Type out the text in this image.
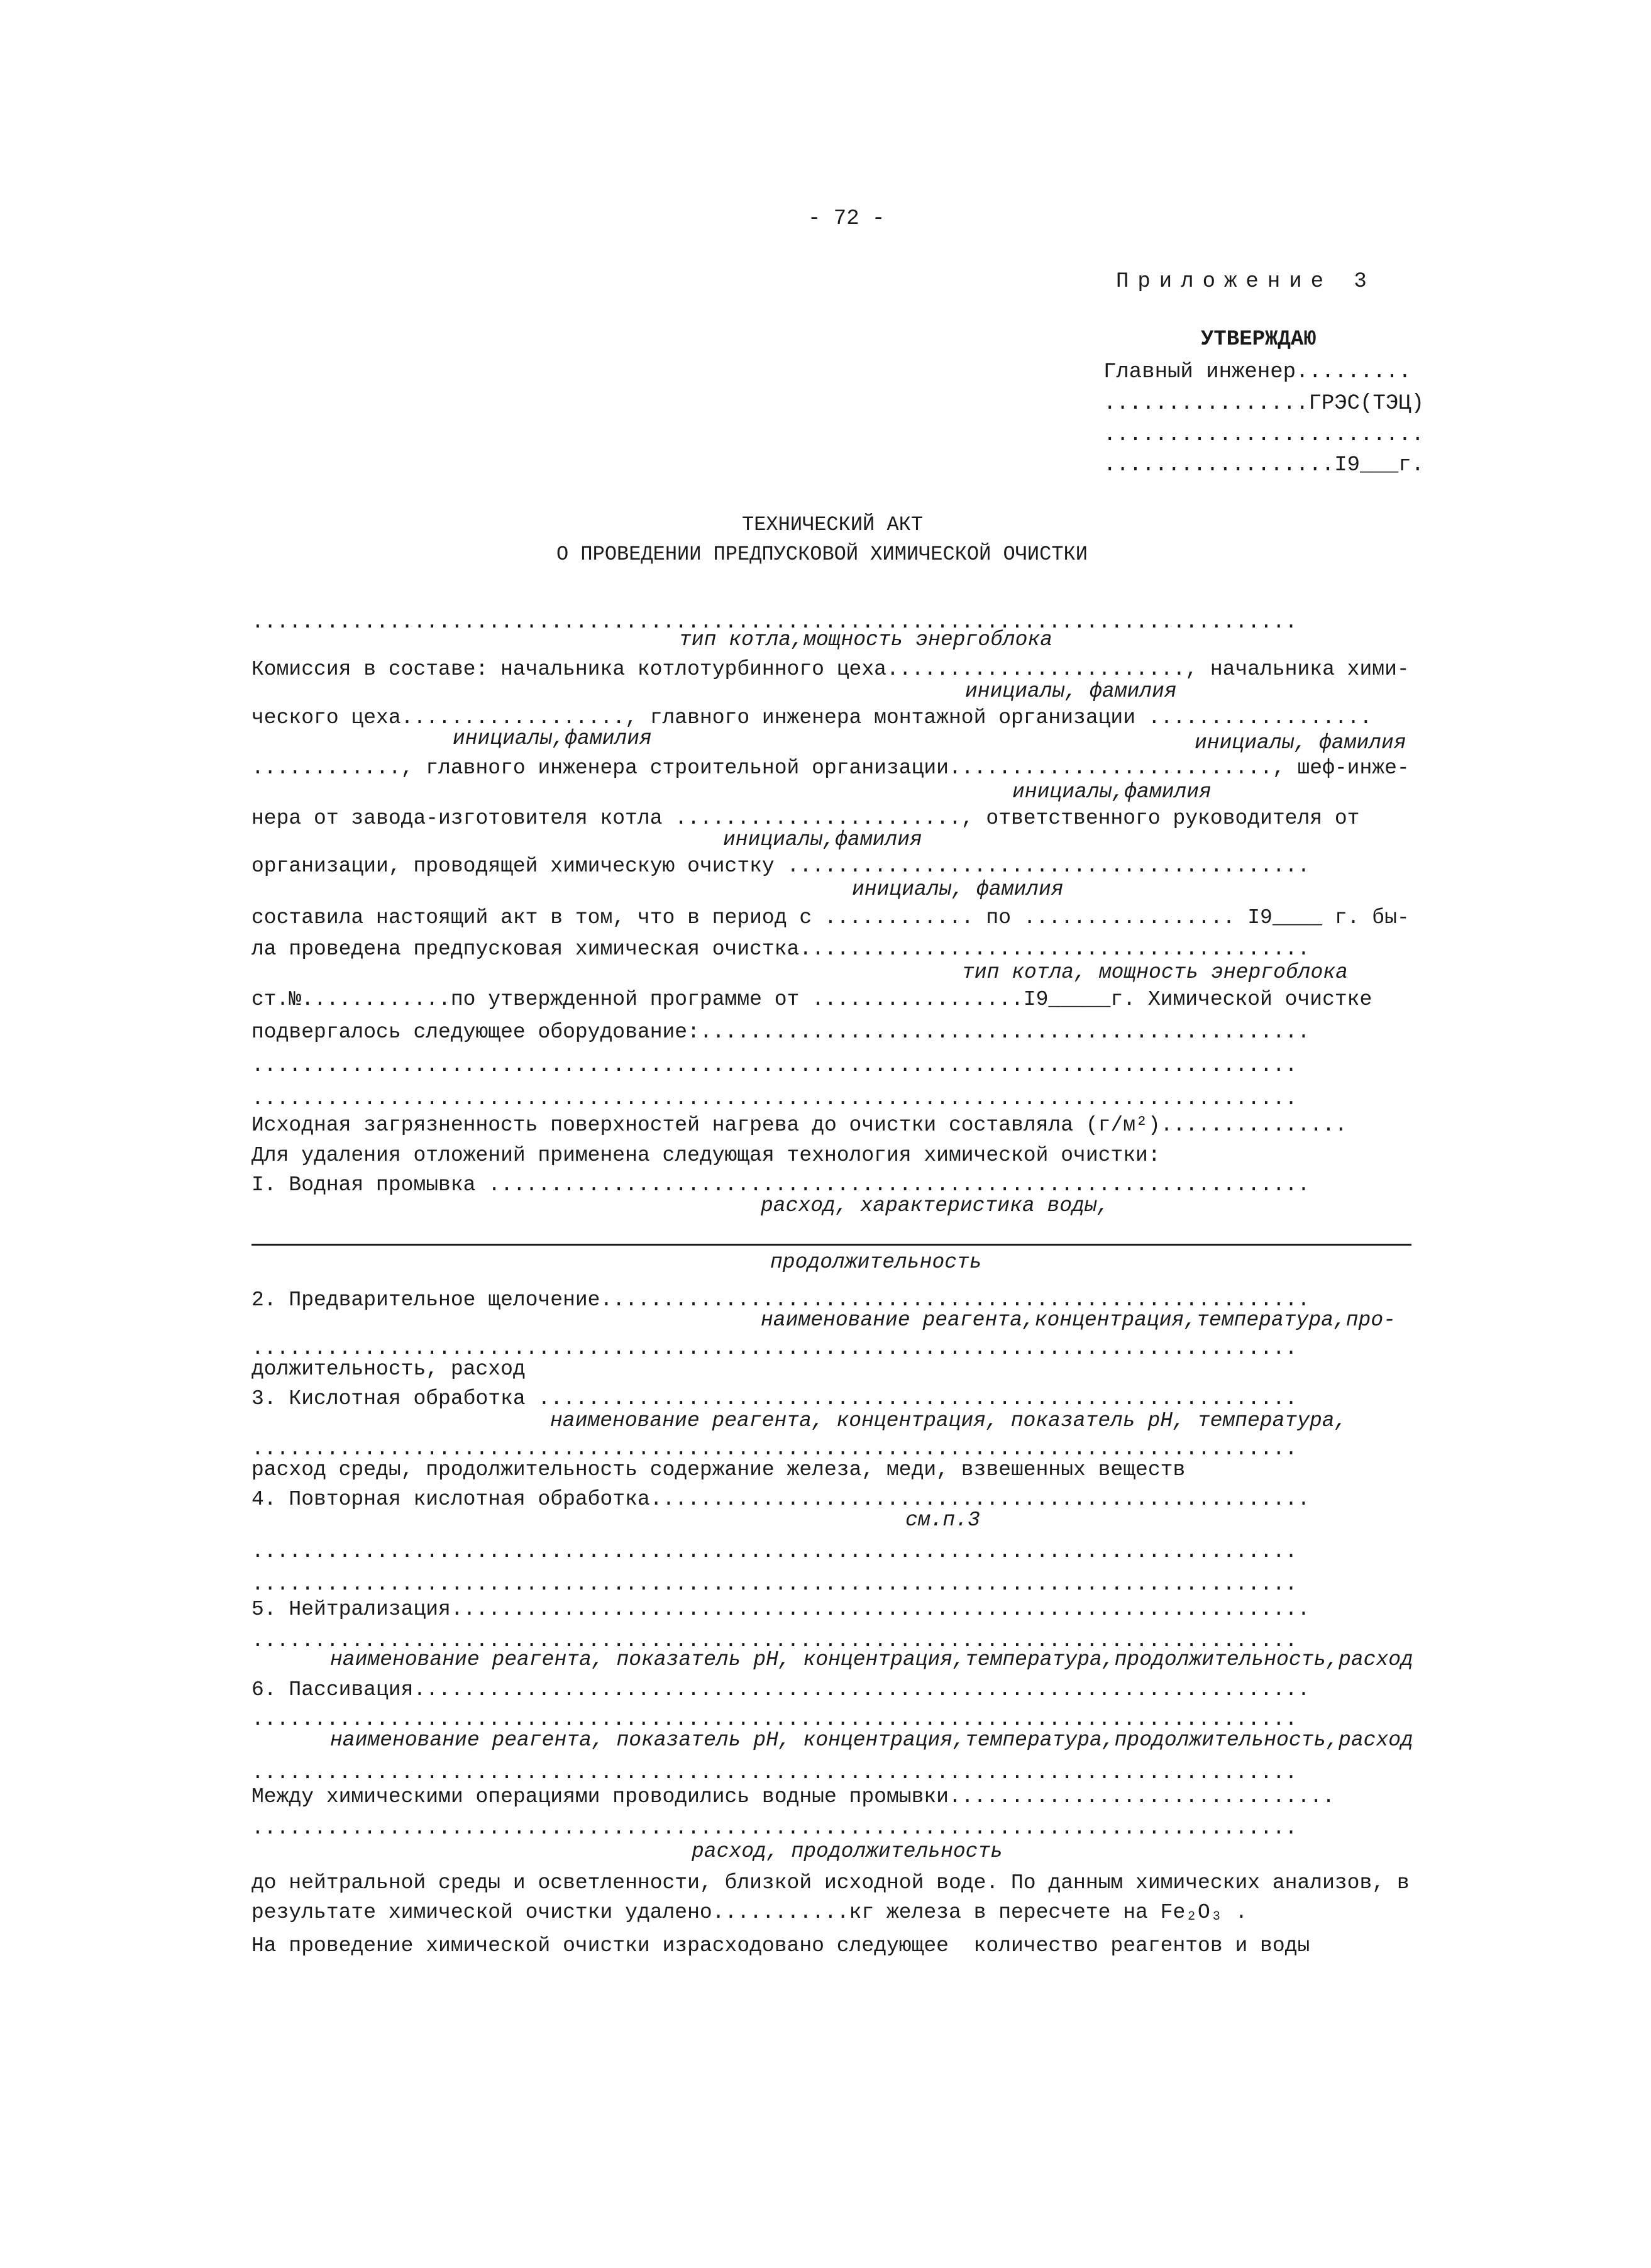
- 72 -
Приложение 3
УТВЕРЖДАЮ
Главный инженер.........
................ГРЭС(ТЭЦ)
.........................
..................I9___г.
ТЕХНИЧЕСКИЙ АКТ
О ПРОВЕДЕНИИ ПРЕДПУСКОВОЙ ХИМИЧЕСКОЙ ОЧИСТКИ
....................................................................................
тип котла,мощность энергоблока
Комиссия в составе: начальника котлотурбинного цеха........................, начальника хими-
инициалы, фамилия
ческого цеха.................., главного инженера монтажной организации ..................
инициалы,фамилия	инициалы, фамилия
............, главного инженера строительной организации.........................., шеф-инже-
инициалы,фамилия
нера от завода-изготовителя котла ......................., ответственного руководителя от
инициалы,фамилия
организации, проводящей химическую очистку ..........................................
инициалы, фамилия
составила настоящий акт в том, что в период с ............ по ................. I9____ г. бы-
ла проведена предпусковая химическая очистка.........................................
тип котла, мощность энергоблока
ст.№............по утвержденной программе от .................I9_____г. Химической очистке
подвергалось следующее оборудование:.................................................
....................................................................................
....................................................................................
Исходная загрязненность поверхностей нагрева до очистки составляла (г/м²)...............
Для удаления отложений применена следующая технология химической очистки:
I. Водная промывка ..................................................................
расход, характеристика воды,
продолжительность
2. Предварительное щелочение.........................................................
наименование реагента,концентрация,температура,про-
....................................................................................
должительность, расход
3. Кислотная обработка .............................................................
наименование реагента, концентрация, показатель pH, температура,
....................................................................................
расход среды, продолжительность содержание железа, меди, взвешенных веществ
4. Повторная кислотная обработка.....................................................
см.п.3
....................................................................................
....................................................................................
5. Нейтрализация.....................................................................
....................................................................................
наименование реагента, показатель pH, концентрация,температура,продолжительность,расход
6. Пассивация........................................................................
....................................................................................
наименование реагента, показатель pH, концентрация,температура,продолжительность,расход
....................................................................................
Между химическими операциями проводились водные промывки...............................
....................................................................................
расход, продолжительность
до нейтральной среды и осветленности, близкой исходной воде. По данным химических анализов, в
результате химической очистки удалено...........кг железа в пересчете на Fe₂O₃ .
На проведение химической очистки израсходовано следующее  количество реагентов и воды
